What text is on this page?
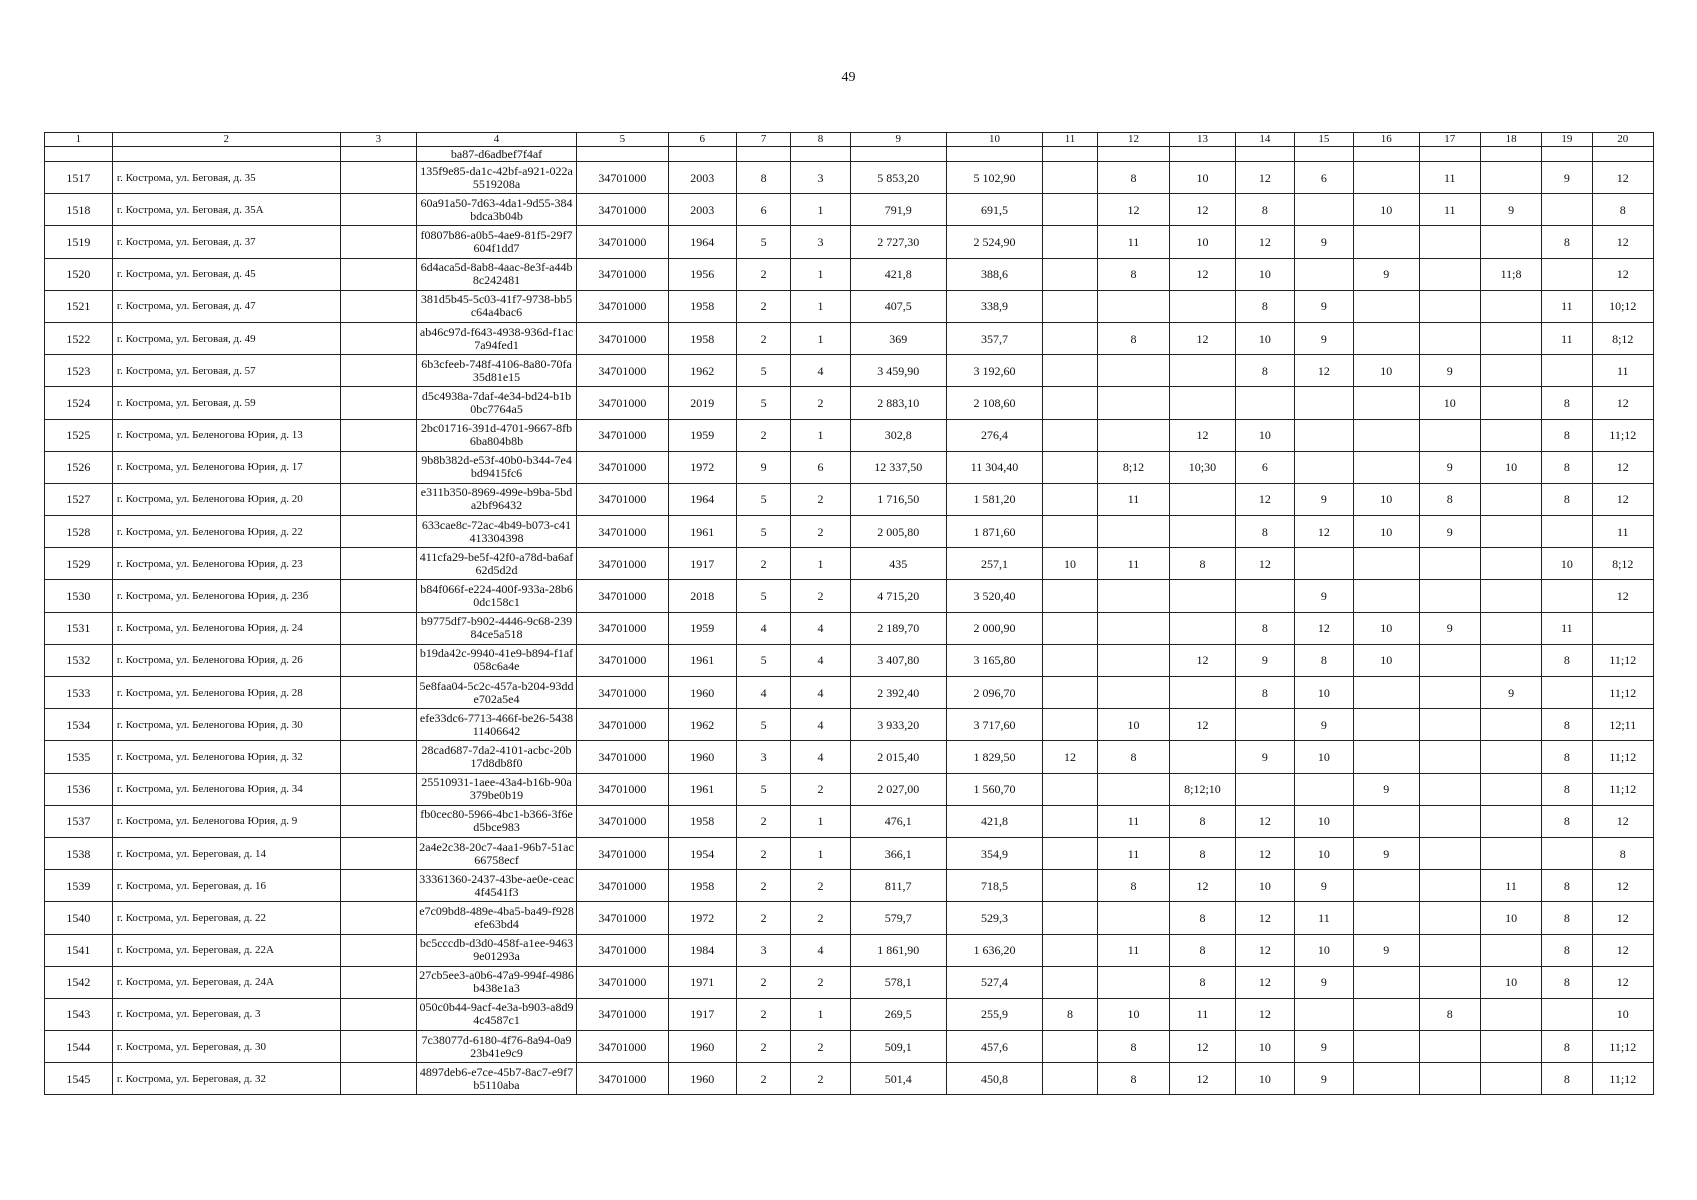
49
1	2	3	4	5	6	7	8	9	10	11	12	13	14	15	16	17	18	19	20
			ba87-d6adbef7f4af																
1517	г. Кострома, ул. Беговая, д. 35		135f9e85-da1c-42bf-a921-022a5519208a	34701000	2003	8	3	5 853,20	5 102,90		8	10	12	6		11		9	12
1518	г. Кострома, ул. Беговая, д. 35А		60a91a50-7d63-4da1-9d55-384bdca3b04b	34701000	2003	6	1	791,9	691,5		12	12	8		10	11	9		8
1519	г. Кострома, ул. Беговая, д. 37		f0807b86-a0b5-4ae9-81f5-29f7604f1dd7	34701000	1964	5	3	2 727,30	2 524,90		11	10	12	9				8	12
1520	г. Кострома, ул. Беговая, д. 45		6d4aca5d-8ab8-4aac-8e3f-a44b8c242481	34701000	1956	2	1	421,8	388,6		8	12	10		9		11;8		12
1521	г. Кострома, ул. Беговая, д. 47		381d5b45-5c03-41f7-9738-bb5c64a4bac6	34701000	1958	2	1	407,5	338,9				8	9				11	10;12
1522	г. Кострома, ул. Беговая, д. 49		ab46c97d-f643-4938-936d-f1ac7a94fed1	34701000	1958	2	1	369	357,7		8	12	10	9				11	8;12
1523	г. Кострома, ул. Беговая, д. 57		6b3cfeeb-748f-4106-8a80-70fa35d81e15	34701000	1962	5	4	3 459,90	3 192,60				8	12	10	9			11
1524	г. Кострома, ул. Беговая, д. 59		d5c4938a-7daf-4e34-bd24-b1b0bc7764a5	34701000	2019	5	2	2 883,10	2 108,60							10		8	12
1525	г. Кострома, ул. Беленогова Юрия, д. 13		2bc01716-391d-4701-9667-8fb6ba804b8b	34701000	1959	2	1	302,8	276,4			12	10					8	11;12
1526	г. Кострома, ул. Беленогова Юрия, д. 17		9b8b382d-e53f-40b0-b344-7e4bd9415fc6	34701000	1972	9	6	12 337,50	11 304,40		8;12	10;30	6			9	10	8	12
1527	г. Кострома, ул. Беленогова Юрия, д. 20		e311b350-8969-499e-b9ba-5bda2bf96432	34701000	1964	5	2	1 716,50	1 581,20		11		12	9	10	8		8	12
1528	г. Кострома, ул. Беленогова Юрия, д. 22		633cae8c-72ac-4b49-b073-c41413304398	34701000	1961	5	2	2 005,80	1 871,60				8	12	10	9			11
1529	г. Кострома, ул. Беленогова Юрия, д. 23		411cfa29-be5f-42f0-a78d-ba6af62d5d2d	34701000	1917	2	1	435	257,1	10	11	8	12					10	8;12
1530	г. Кострома, ул. Беленогова Юрия, д. 23б		b84f066f-e224-400f-933a-28b60dc158c1	34701000	2018	5	2	4 715,20	3 520,40					9					12
1531	г. Кострома, ул. Беленогова Юрия, д. 24		b9775df7-b902-4446-9c68-23984ce5a518	34701000	1959	4	4	2 189,70	2 000,90				8	12	10	9		11	
1532	г. Кострома, ул. Беленогова Юрия, д. 26		b19da42c-9940-41e9-b894-f1af058c6a4e	34701000	1961	5	4	3 407,80	3 165,80			12	9	8	10			8	11;12
1533	г. Кострома, ул. Беленогова Юрия, д. 28		5e8faa04-5c2c-457a-b204-93dde702a5e4	34701000	1960	4	4	2 392,40	2 096,70				8	10			9		11;12
1534	г. Кострома, ул. Беленогова Юрия, д. 30		efe33dc6-7713-466f-be26-543811406642	34701000	1962	5	4	3 933,20	3 717,60		10	12		9				8	12;11
1535	г. Кострома, ул. Беленогова Юрия, д. 32		28cad687-7da2-4101-acbc-20b17d8db8f0	34701000	1960	3	4	2 015,40	1 829,50	12	8		9	10				8	11;12
1536	г. Кострома, ул. Беленогова Юрия, д. 34		25510931-1aee-43a4-b16b-90a379be0b19	34701000	1961	5	2	2 027,00	1 560,70			8;12;10			9			8	11;12
1537	г. Кострома, ул. Беленогова Юрия, д. 9		fb0cec80-5966-4bc1-b366-3f6ed5bce983	34701000	1958	2	1	476,1	421,8		11	8	12	10				8	12
1538	г. Кострома, ул. Береговая, д. 14		2a4e2c38-20c7-4aa1-96b7-51ac66758ecf	34701000	1954	2	1	366,1	354,9		11	8	12	10	9				8
1539	г. Кострома, ул. Береговая, д. 16		33361360-2437-43be-ae0e-ceac4f4541f3	34701000	1958	2	2	811,7	718,5		8	12	10	9			11	8	12
1540	г. Кострома, ул. Береговая, д. 22		e7c09bd8-489e-4ba5-ba49-f928efe63bd4	34701000	1972	2	2	579,7	529,3			8	12	11			10	8	12
1541	г. Кострома, ул. Береговая, д. 22А		bc5cccdb-d3d0-458f-a1ee-94639e01293a	34701000	1984	3	4	1 861,90	1 636,20		11	8	12	10	9			8	12
1542	г. Кострома, ул. Береговая, д. 24А		27cb5ee3-a0b6-47a9-994f-4986b438e1a3	34701000	1971	2	2	578,1	527,4			8	12	9			10	8	12
1543	г. Кострома, ул. Береговая, д. 3		050c0b44-9acf-4e3a-b903-a8d94c4587c1	34701000	1917	2	1	269,5	255,9	8	10	11	12			8			10
1544	г. Кострома, ул. Береговая, д. 30		7c38077d-6180-4f76-8a94-0a923b41e9c9	34701000	1960	2	2	509,1	457,6		8	12	10	9				8	11;12
1545	г. Кострома, ул. Береговая, д. 32		4897deb6-e7ce-45b7-8ac7-e9f7b5110aba	34701000	1960	2	2	501,4	450,8		8	12	10	9				8	11;12
